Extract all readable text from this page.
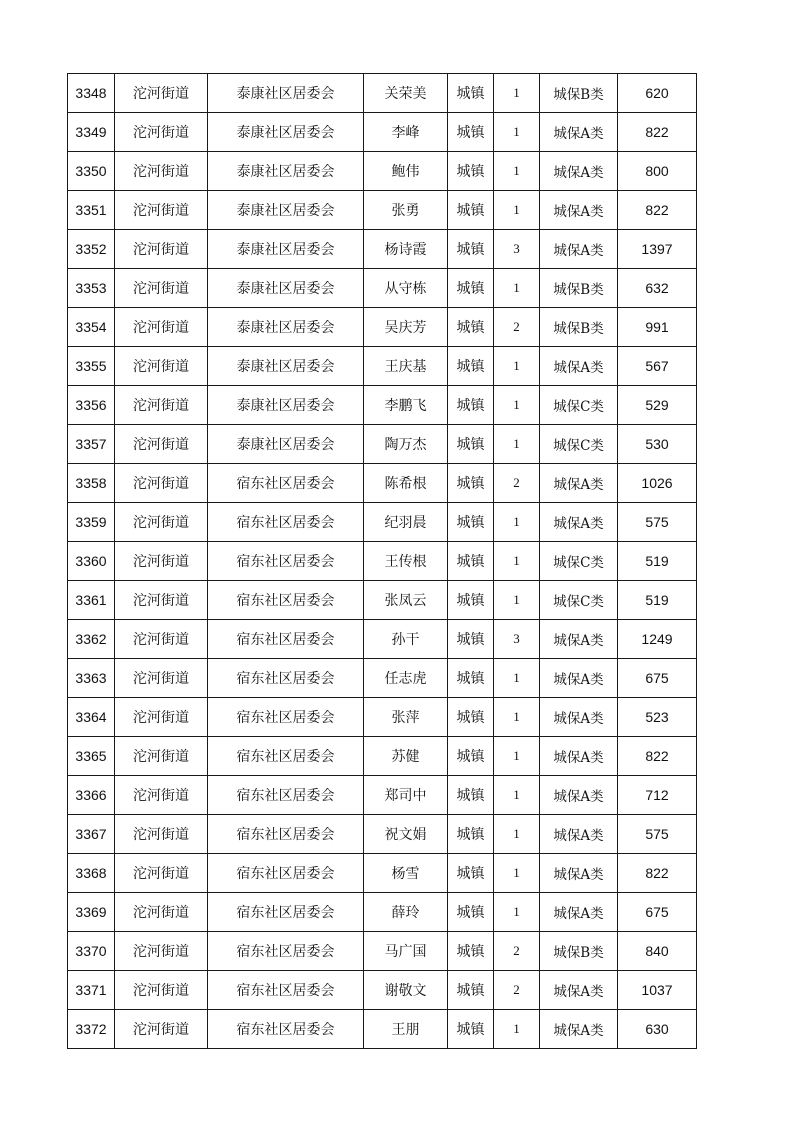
3348	沱河街道	泰康社区居委会	关荣美	城镇	1	城保B类	620
3349	沱河街道	泰康社区居委会	李峰	城镇	1	城保A类	822
3350	沱河街道	泰康社区居委会	鲍伟	城镇	1	城保A类	800
3351	沱河街道	泰康社区居委会	张勇	城镇	1	城保A类	822
3352	沱河街道	泰康社区居委会	杨诗霞	城镇	3	城保A类	1397
3353	沱河街道	泰康社区居委会	从守栋	城镇	1	城保B类	632
3354	沱河街道	泰康社区居委会	吴庆芳	城镇	2	城保B类	991
3355	沱河街道	泰康社区居委会	王庆基	城镇	1	城保A类	567
3356	沱河街道	泰康社区居委会	李鹏飞	城镇	1	城保C类	529
3357	沱河街道	泰康社区居委会	陶万杰	城镇	1	城保C类	530
3358	沱河街道	宿东社区居委会	陈希根	城镇	2	城保A类	1026
3359	沱河街道	宿东社区居委会	纪羽晨	城镇	1	城保A类	575
3360	沱河街道	宿东社区居委会	王传根	城镇	1	城保C类	519
3361	沱河街道	宿东社区居委会	张凤云	城镇	1	城保C类	519
3362	沱河街道	宿东社区居委会	孙干	城镇	3	城保A类	1249
3363	沱河街道	宿东社区居委会	任志虎	城镇	1	城保A类	675
3364	沱河街道	宿东社区居委会	张萍	城镇	1	城保A类	523
3365	沱河街道	宿东社区居委会	苏健	城镇	1	城保A类	822
3366	沱河街道	宿东社区居委会	郑司中	城镇	1	城保A类	712
3367	沱河街道	宿东社区居委会	祝文娟	城镇	1	城保A类	575
3368	沱河街道	宿东社区居委会	杨雪	城镇	1	城保A类	822
3369	沱河街道	宿东社区居委会	薛玲	城镇	1	城保A类	675
3370	沱河街道	宿东社区居委会	马广国	城镇	2	城保B类	840
3371	沱河街道	宿东社区居委会	谢敬文	城镇	2	城保A类	1037
3372	沱河街道	宿东社区居委会	王朋	城镇	1	城保A类	630
